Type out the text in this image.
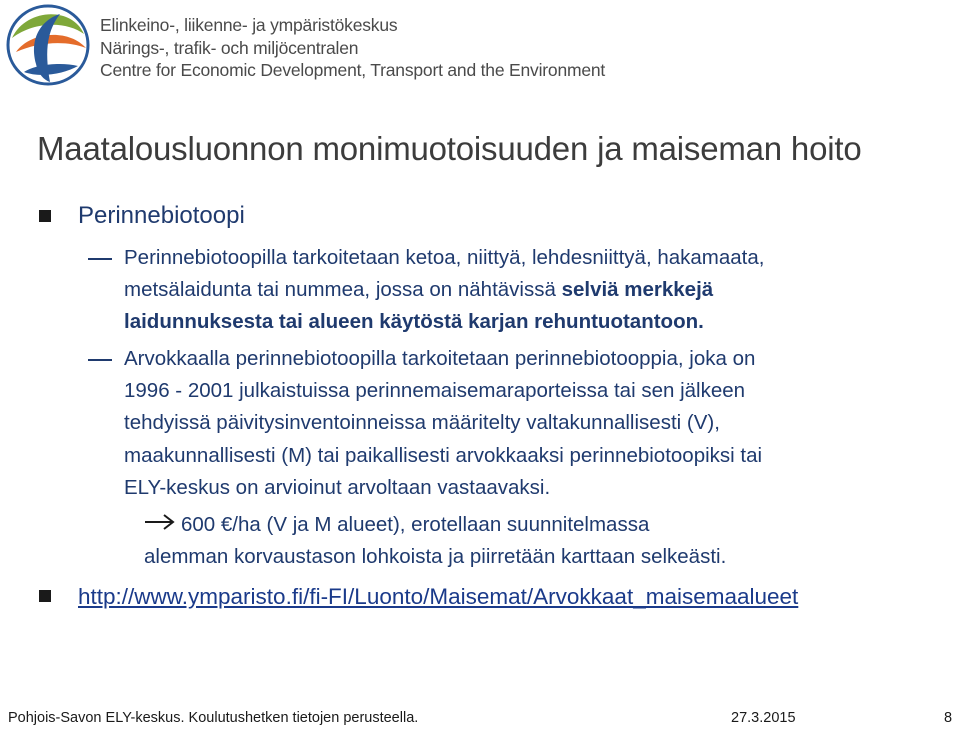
Elinkeino-, liikenne- ja ympäristökeskus
Närings-, trafik- och miljöcentralen
Centre for Economic Development, Transport and the Environment
Maatalousluonnon monimuotoisuuden ja maiseman hoito
Perinnebiotoopi
Perinnebiotoopilla tarkoitetaan ketoa, niittyä, lehdesniittyä, hakamaata,
metsälaidunta tai nummea, jossa on nähtävissä selviä merkkejä
laidunnuksesta tai alueen käytöstä karjan rehuntuotantoon.
Arvokkaalla perinnebiotoopilla tarkoitetaan perinnebiotooppia, joka on
1996 - 2001 julkaistuissa perinnemaisemaraporteissa tai sen jälkeen
tehdyissä päivitysinventoinneissa määritelty valtakunnallisesti (V),
maakunnallisesti (M) tai paikallisesti arvokkaaksi perinnebiotoopiksi tai
ELY-keskus on arvioinut arvoltaan vastaavaksi.
600 €/ha (V ja M alueet), erotellaan suunnitelmassa
alemman korvaustason lohkoista ja piirretään karttaan selkeästi.
http://www.ymparisto.fi/fi-FI/Luonto/Maisemat/Arvokkaat_maisemaalueet
Pohjois-Savon ELY-keskus. Koulutushetken tietojen perusteella.	27.3.2015	8
